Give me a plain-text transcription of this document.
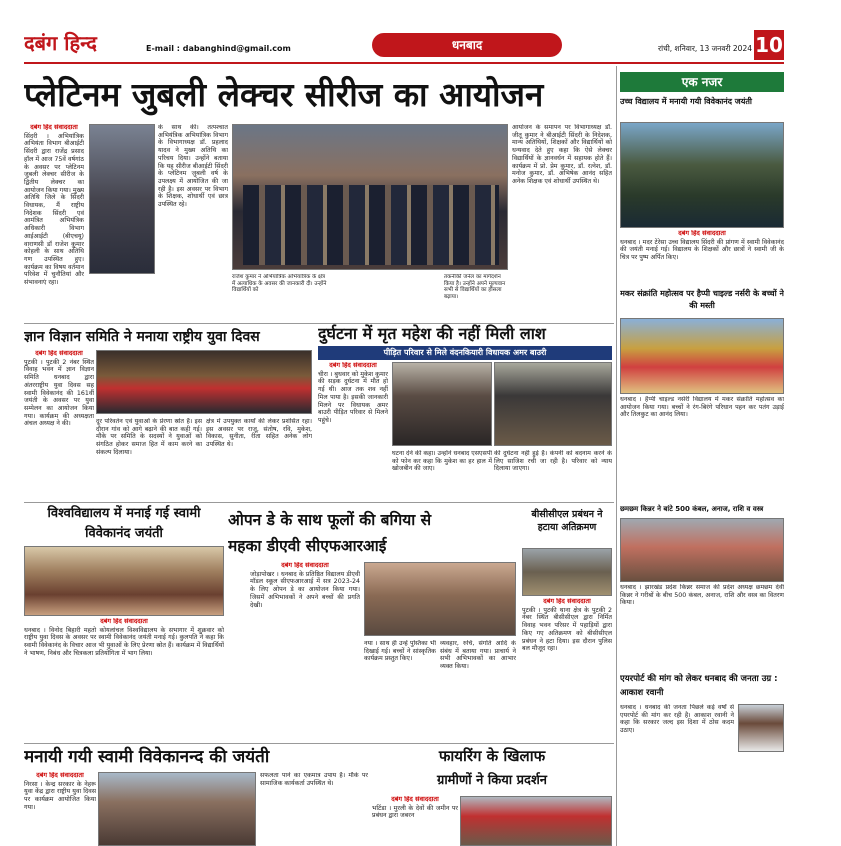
दबंग हिन्द	E-mail : dabanghind@gmail.com	धनबाद	रांची, शनिवार, 13 जनवरी 2024 10
प्लेटिनम जुबली लेक्चर सीरीज का आयोजन
दबंग हिंद संवाददाता

सिंदरी । अभियांत्रिक अभियंता विभाग बीआईटी सिंदरी द्वारा राजेंद्र प्रसाद हॉल में आज 75वें वर्षगांठ के अवसर पर प्लेटिनम जुबली लेक्चर सीरीज के द्वितीय लेक्चर का आयोजन किया गया। मुख्य अतिथि जिले के सिंदरी विधायक, मैं राष्ट्रीय निदेशक सिंदरी एवं आमंत्रित अभियंत्रिक अधिकारी विभाग आईआईटी (बीएचयू) वाराणसी डॉ राजेश कुमार कोहली के साथ अतिथि गण उपस्थित हुए। कार्यक्रम का विषय वर्तमान परिवेश में चुनौतियां और संभावनाएं रहा।

के साथ की। तत्पश्चात अभियंत्रिक अभियांत्रिक विभाग के विभागाध्यक्ष डॉ. प्रहलाद यादव ने मुख्य अतिथि का परिचय दिया। उन्होंने बताया कि यह सीरीज बीआईटी सिंदरी के प्लेटिनम जुबली वर्ष के उपलक्ष्य में आयोजित की जा रही है। इस अवसर पर विभाग के शिक्षक, शोधार्थी एवं छात्र उपस्थित रहे।

राजेश कुमार ने अभियांत्रिक अभियांत्रिक के क्षेत्र में अत्याधिक के अवसर की जानकारी दी। उन्होंने विद्यार्थियों को
तकनीकी जर्नल का मार्गदर्शन किया है। उन्होंने अपने मूल्यवान सभी से विद्यार्थियों का हौसला बढ़ाया।

आयोजन के समापन पर विभागाध्यक्ष डॉ. जीतू कुमार ने बीआईटी सिंदरी के निदेशक, मान्य अतिथियों, शिक्षकों और विद्यार्थियों को धन्यवाद देते हुए कहा कि ऐसे लेक्चर विद्यार्थियों के ज्ञानवर्धन में सहायक होते हैं। कार्यक्रम में प्रो. प्रेम कुमार, डॉ. रत्नेश, डॉ. मनोज कुमार, डॉ. अभिषेक आनंद सहित अनेक शिक्षक एवं शोधार्थी उपस्थित थे।

ज्ञान विज्ञान समिति ने मनाया राष्ट्रीय युवा दिवस
दबंग हिंद संवाददाता

पुटकी । पुटकी 2 नंबर स्थित विवाह भवन में ज्ञान विज्ञान समिति धनबाद द्वारा अंतरराष्ट्रीय युवा दिवस सह स्वामी विवेकानंद की 161वीं जयंती के अवसर पर युवा सम्मेलन का आयोजन किया गया। कार्यक्रम की अध्यक्षता अंचल अध्यक्ष ने की।	दूर परिवर्तन एवं युवाओं के प्रेरणा स्रोत हैं। इस दौरान गांव को आगे बढ़ाने की बात कही गई। मौके पर समिति के सदस्यों ने युवाओं को संगठित होकर समाज हित में काम करने का संकल्प दिलाया।

क्षेत्र में उपयुक्त कार्यों की लेकर प्रशंसित रहा। इस अवसर पर राजू, संतोष, रवि, मुकेश, विकास, सुनीता, रीता सहित अनेक लोग उपस्थित थे।

दुर्घटना में मृत महेश की नहीं मिली लाश
पीड़ित परिवार से मिले वंदनकियारी विधायक अमर बाउरी
दबंग हिंद संवाददाता

चीरा । बुधवार को मुकेश कुमार की सड़क दुर्घटना में मौत हो गई थी। आज तक शव नहीं मिल पाया है। इसकी जानकारी मिलने पर विधायक अमर बाउरी पीड़ित परिवार से मिलने पहुंचे।

घटना देने की कहा। उन्होंने धनबाद एसएसपी को फोन कर कहा कि मुकेश का हर हाल में खोजबीन की जाए।

की दुर्घटना नहीं हुई है। कंपनी को बदनाम करने के लिए साजिश रची जा रही है। परिवार को न्याय दिलाया जाएगा।

विश्वविद्यालय में मनाई गई स्वामी विवेकानंद जयंती
दबंग हिंद संवाददाता

धनबाद । विनोद बिहारी महतो कोयलांचल विश्वविद्यालय के सभागार में शुक्रवार को राष्ट्रीय युवा दिवस के अवसर पर स्वामी विवेकानंद जयंती मनाई गई। कुलपति ने कहा कि स्वामी विवेकानंद के विचार आज भी युवाओं के लिए प्रेरणा स्रोत हैं। कार्यक्रम में विद्यार्थियों ने भाषण, निबंध और चित्रकला प्रतियोगिता में भाग लिया।

ओपन डे के साथ फूलों की बगिया से
महका डीएवी सीएफआरआई
दबंग हिंद संवाददाता

जोड़ापोखर । धनबाद के प्रतिष्ठित विद्यालय डीएवी मॉडल स्कूल सीएफआरआई में सत्र 2023-24 के लिए ओपन डे का आयोजन किया गया। जिसमें अभिभावकों ने अपने बच्चों की प्रगति देखी।

नया । साथ ही उन्हें पुस्तिका भी दिखाई गई। बच्चों ने सांस्कृतिक कार्यक्रम प्रस्तुत किए।

व्यवहार, रुचि, संगति आदि के संबंध में बताया गया। प्राचार्य ने सभी अभिभावकों का आभार व्यक्त किया।

बीसीसीएल प्रबंधन ने हटाया अतिक्रमण
दबंग हिंद संवाददाता

पुटकी । पुटकी थाना क्षेत्र के पुटकी 2 नंबर स्थित बीसीसीएल द्वारा निर्मित विवाह भवन परिसर में पहाड़ियों द्वारा किए गए अतिक्रमण को बीसीसीएल प्रबंधन ने हटा दिया। इस दौरान पुलिस बल मौजूद रहा।

मनायी गयी स्वामी विवेकानन्द की जयंती
दबंग हिंद संवाददाता

निरसा । केन्द्र सरकार के नेहरू युवा केंद्र द्वारा राष्ट्रीय युवा दिवस पर कार्यक्रम आयोजित किया गया।

सफलता पाने का एकमात्र उपाय है। मौके पर सामाजिक कार्यकर्ता उपस्थित थे।

फायरिंग के खिलाफ
ग्रामीणों ने किया प्रदर्शन
दबंग हिंद संवाददाता

भटिंडा । मुरली के देवों की जमीन पर प्रबंधन द्वारा जबरन

एक नजर
उच्च विद्यालय में मनायी गयी विवेकानंद जयंती
दबंग हिंद संवाददाता

धनबाद । मदर टेरेसा उच्च विद्यालय सिंदरी की प्रांगण में स्वामी विवेकानंद की जयंती मनाई गई। विद्यालय के शिक्षकों और छात्रों ने स्वामी जी के चित्र पर पुष्प अर्पित किए।

मकर संक्रांति महोत्सव पर हैप्पी चाइल्ड नर्सरी के बच्चों ने की मस्ती

धनबाद । हैप्पी चाइल्ड नर्सरी विद्यालय में मकर संक्रांति महोत्सव का आयोजन किया गया। बच्चों ने रंग-बिरंगे परिधान पहन कर पतंग उड़ाई और तिलकुट का आनंद लिया।

छमछम किन्नर ने बांटे 500 कंबल, अनाज, राशि व वस्त्र

धनबाद । झारखंड प्रदेश किन्नर समाज की प्रदेश अध्यक्ष छमछम देवी किन्नर ने गरीबों के बीच 500 कंबल, अनाज, राशि और वस्त्र का वितरण किया।

एयरपोर्ट की मांग को लेकर धनबाद की जनता उग्र : आकाश रवानी

धनबाद । धनबाद की जनता पिछले कई वर्षों से एयरपोर्ट की मांग कर रही है। आकाश रवानी ने कहा कि सरकार जल्द इस दिशा में ठोस कदम उठाए।
